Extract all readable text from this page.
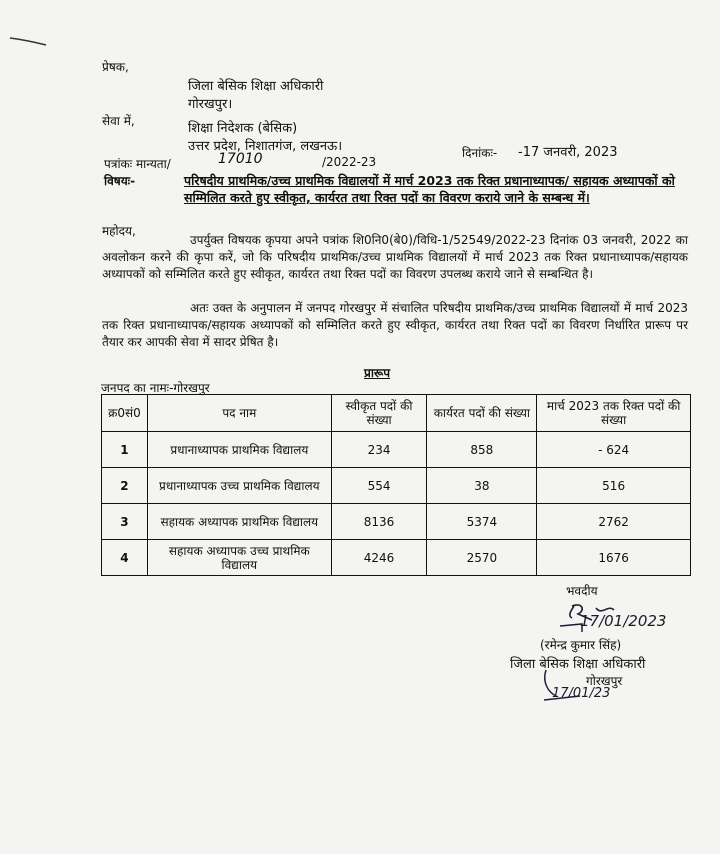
प्रेषक,
जिला बेसिक शिक्षा अधिकारी
गोरखपुर।
सेवा में,	शिक्षा निदेशक (बेसिक)
उत्तर प्रदेश, निशातगंज, लखनऊ।
पत्रांकः मान्यता/	17010	/2022-23
दिनांकः- -17 जनवरी, 2023
विषयः-	परिषदीय प्राथमिक/उच्च प्राथमिक विद्यालयों में मार्च 2023 तक रिक्त प्रधानाध्यापक/ सहायक अध्यापकों को सम्मिलित करते हुए स्वीकृत, कार्यरत तथा रिक्त पदों का विवरण कराये जाने के सम्बन्ध में।
महोदय,
उपर्युक्त विषयक कृपया अपने पत्रांक शि0नि0(बे0)/विधि-1/52549/2022-23 दिनांक 03 जनवरी, 2022 का अवलोकन करने की कृपा करें, जो कि परिषदीय प्राथमिक/उच्च प्राथमिक विद्यालयों में मार्च 2023 तक रिक्त प्रधानाध्यापक/सहायक अध्यापकों को सम्मिलित करते हुए स्वीकृत, कार्यरत तथा रिक्त पदों का विवरण उपलब्ध कराये जाने से सम्बन्धित है।
अतः उक्त के अनुपालन में जनपद गोरखपुर में संचालित परिषदीय प्राथमिक/उच्च प्राथमिक विद्यालयों में मार्च 2023 तक रिक्त प्रधानाध्यापक/सहायक अध्यापकों को सम्मिलित करते हुए स्वीकृत, कार्यरत तथा रिक्त पदों का विवरण निर्धारित प्रारूप पर तैयार कर आपकी सेवा में सादर प्रेषित है।
प्रारूप
जनपद का नामः-गोरखपुर
क्र0सं0	पद नाम	स्वीकृत पदों की संख्या	कार्यरत पदों की संख्या	मार्च 2023 तक रिक्त पदों की संख्या
1	प्रधानाध्यापक प्राथमिक विद्यालय	234	858	- 624
2	प्रधानाध्यापक उच्च प्राथमिक विद्यालय	554	38	516
3	सहायक अध्यापक प्राथमिक विद्यालय	8136	5374	2762
4	सहायक अध्यापक उच्च प्राथमिक विद्यालय	4246	2570	1676
भवदीय
17/01/2023
(रमेन्द्र कुमार सिंह)
जिला बेसिक शिक्षा अधिकारी
गोरखपुर
17/01/23
